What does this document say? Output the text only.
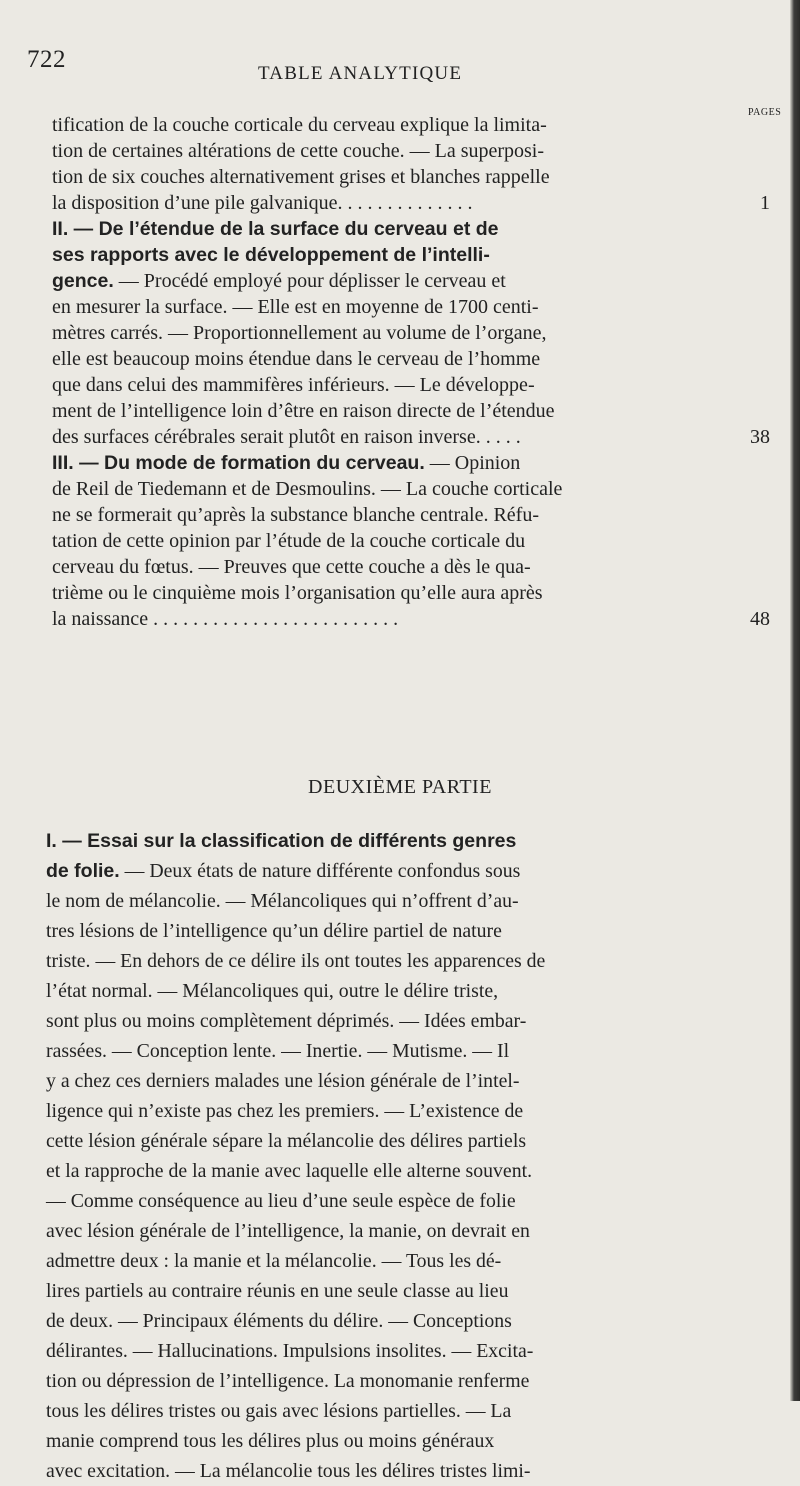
722
TABLE ANALYTIQUE
PAGES
tification de la couche corticale du cerveau explique la limita-
tion de certaines altérations de cette couche. — La superposi-
tion de six couches alternativement grises et blanches rappelle
la disposition d’une pile galvanique. . . . . . . . . . . . . .	1
II. — De l’étendue de la surface du cerveau et de
ses rapports avec le développement de l’intelli-
gence. — Procédé employé pour déplisser le cerveau et
en mesurer la surface. — Elle est en moyenne de 1700 centi-
mètres carrés. — Proportionnellement au volume de l’organe,
elle est beaucoup moins étendue dans le cerveau de l’homme
que dans celui des mammifères inférieurs. — Le développe-
ment de l’intelligence loin d’être en raison directe de l’étendue
des surfaces cérébrales serait plutôt en raison inverse. . . . .	38
III. — Du mode de formation du cerveau. — Opinion
de Reil de Tiedemann et de Desmoulins. — La couche corticale
ne se formerait qu’après la substance blanche centrale. Réfu-
tation de cette opinion par l’étude de la couche corticale du
cerveau du fœtus. — Preuves que cette couche a dès le qua-
trième ou le cinquième mois l’organisation qu’elle aura après
la naissance . . . . . . . . . . . . . . . . . . . . . . . . .	48
DEUXIÈME PARTIE
I. — Essai sur la classification de différents genres
de folie. — Deux états de nature différente confondus sous
le nom de mélancolie. — Mélancoliques qui n’offrent d’au-
tres lésions de l’intelligence qu’un délire partiel de nature
triste. — En dehors de ce délire ils ont toutes les apparences de
l’état normal. — Mélancoliques qui, outre le délire triste,
sont plus ou moins complètement déprimés. — Idées embar-
rassées. — Conception lente. — Inertie. — Mutisme. — Il
y a chez ces derniers malades une lésion générale de l’intel-
ligence qui n’existe pas chez les premiers. — L’existence de
cette lésion générale sépare la mélancolie des délires partiels
et la rapproche de la manie avec laquelle elle alterne souvent.
— Comme conséquence au lieu d’une seule espèce de folie
avec lésion générale de l’intelligence, la manie, on devrait en
admettre deux : la manie et la mélancolie. — Tous les dé-
lires partiels au contraire réunis en une seule classe au lieu
de deux. — Principaux éléments du délire. — Conceptions
délirantes. — Hallucinations. Impulsions insolites. — Excita-
tion ou dépression de l’intelligence. La monomanie renferme
tous les délires tristes ou gais avec lésions partielles. — La
manie comprend tous les délires plus ou moins généraux
avec excitation. — La mélancolie tous les délires tristes limi-
